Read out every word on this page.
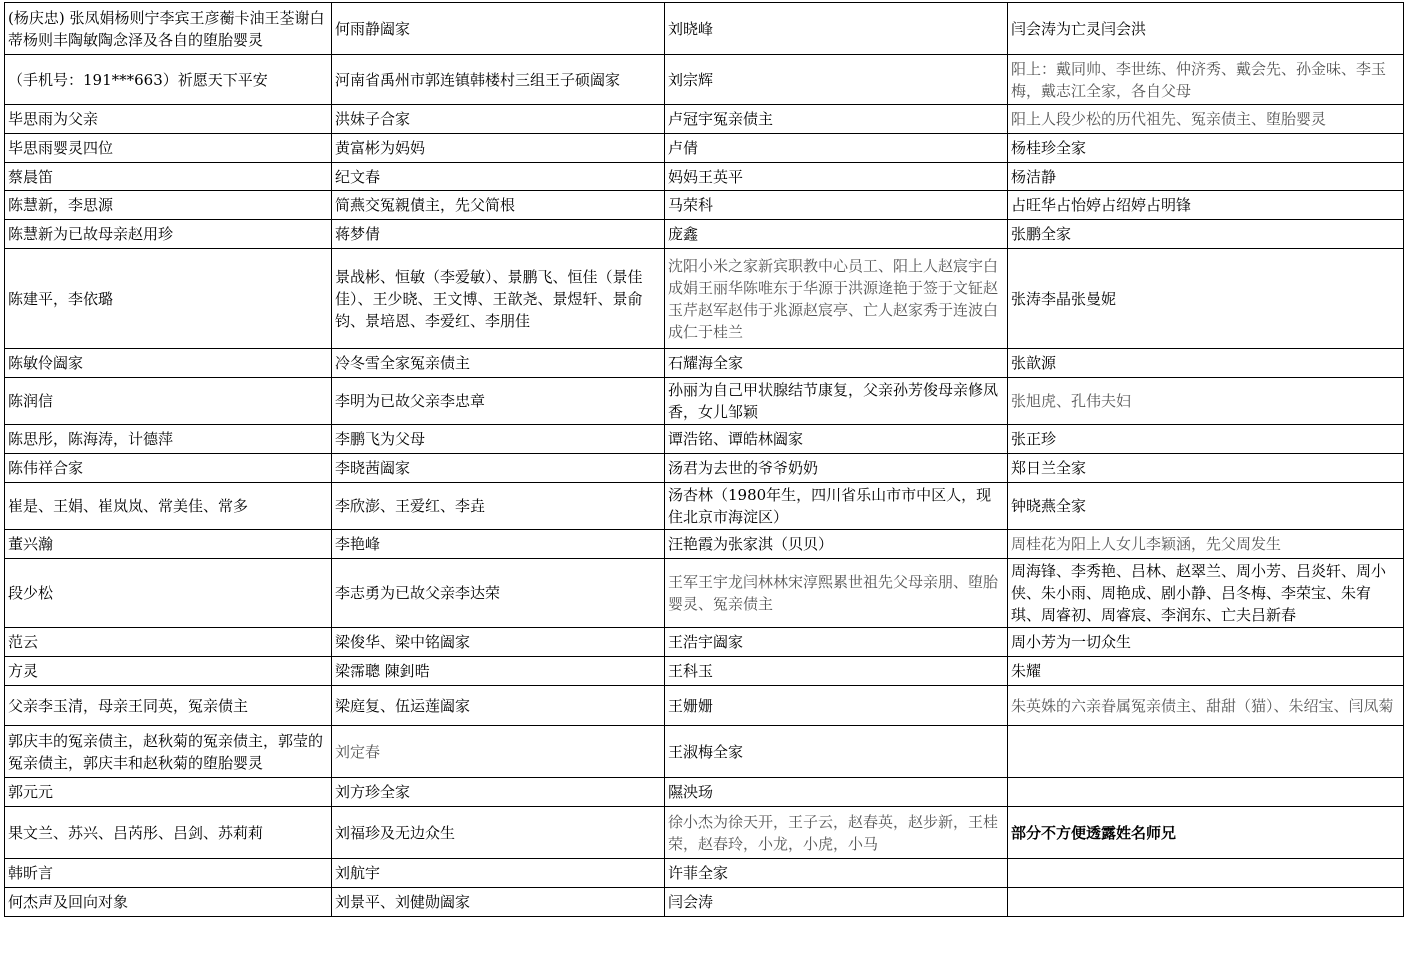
(杨庆忠) 张凤娟杨则宁李宾王彦蘅卡油王荃谢白蒂杨则丰陶敏陶念泽及各自的堕胎婴灵	何雨静阖家	刘晓峰	闫会涛为亡灵闫会洪
（手机号：191***663）祈愿天下平安	河南省禹州市郭连镇韩楼村三组王子硕阖家	刘宗辉	阳上：戴同帅、李世练、仲济秀、戴会先、孙金味、李玉梅，戴志江全家，各自父母
毕思雨为父亲	洪妹子合家	卢冠宇冤亲债主	阳上人段少松的历代祖先、冤亲债主、堕胎婴灵
毕思雨婴灵四位	黄富彬为妈妈	卢倩	杨桂珍全家
蔡晨笛	纪文春	妈妈王英平	杨洁静
陈慧新，李思源	简燕交冤親債主，先父简根	马荣科	占旺华占怡婷占绍婷占明锋
陈慧新为已故母亲赵用珍	蒋梦倩	庞鑫	张鹏全家
陈建平，李依璐	景战彬、恒敏（李爱敏）、景鹏飞、恒佳（景佳佳）、王少晓、王文博、王歆尧、景煜轩、景俞钧、景培恩、李爱红、李朋佳	沈阳小米之家新宾职教中心员工、阳上人赵宸宇白成娟王丽华陈唯东于华源于洪源逄艳于签于文钲赵玉芹赵军赵伟于兆源赵宸亭、亡人赵家秀于连波白成仁于桂兰	张涛李晶张曼妮
陈敏伶阖家	冷冬雪全家冤亲债主	石耀海全家	张歆源
陈润信	李明为已故父亲李忠章	孙丽为自己甲状腺结节康复，父亲孙芳俊母亲修凤香，女儿邹颖	张旭虎、孔伟夫妇
陈思彤，陈海涛，计德萍	李鹏飞为父母	谭浩铭、谭皓林阖家	张正珍
陈伟祥合家	李晓茜阖家	汤君为去世的爷爷奶奶	郑日兰全家
崔是、王娟、崔岚岚、常美佳、常多	李欣澎、王爱红、李垚	汤杏林（1980年生，四川省乐山市市中区人，现住北京市海淀区）	钟晓燕全家
董兴瀚	李艳峰	汪艳霞为张家淇（贝贝）	周桂花为阳上人女儿李颖涵，先父周发生
段少松	李志勇为已故父亲李达荣	王军王宇龙闫林林宋淳熙累世祖先父母亲朋、堕胎婴灵、冤亲债主	周海锋、李秀艳、吕林、赵翠兰、周小芳、吕炎轩、周小侠、朱小雨、周艳成、剧小静、吕冬梅、李荣宝、朱宥琪、周睿初、周睿宸、李润东、亡夫吕新春
范云	梁俊华、梁中铭阖家	王浩宇阖家	周小芳为一切众生
方灵	梁霈聰 陳釗晧	王科玉	朱耀
父亲李玉清，母亲王同英，冤亲债主	梁庭复、伍运莲阖家	王姗姗	朱英姝的六亲眷属冤亲债主、甜甜（猫）、朱绍宝、闫凤菊
郭庆丰的冤亲债主，赵秋菊的冤亲债主，郭莹的冤亲债主，郭庆丰和赵秋菊的堕胎婴灵	刘定春	王淑梅全家	
郭元元	刘方珍全家	隰泱玚	
果文兰、苏兴、吕芮彤、吕剑、苏莉莉	刘福珍及无边众生	徐小杰为徐天开，王子云，赵春英，赵步新，王桂荣，赵春玲，小龙，小虎，小马	部分不方便透露姓名师兄
韩昕言	刘航宇	许菲全家	
何杰声及回向对象	刘景平、刘健勋阖家	闫会涛	
